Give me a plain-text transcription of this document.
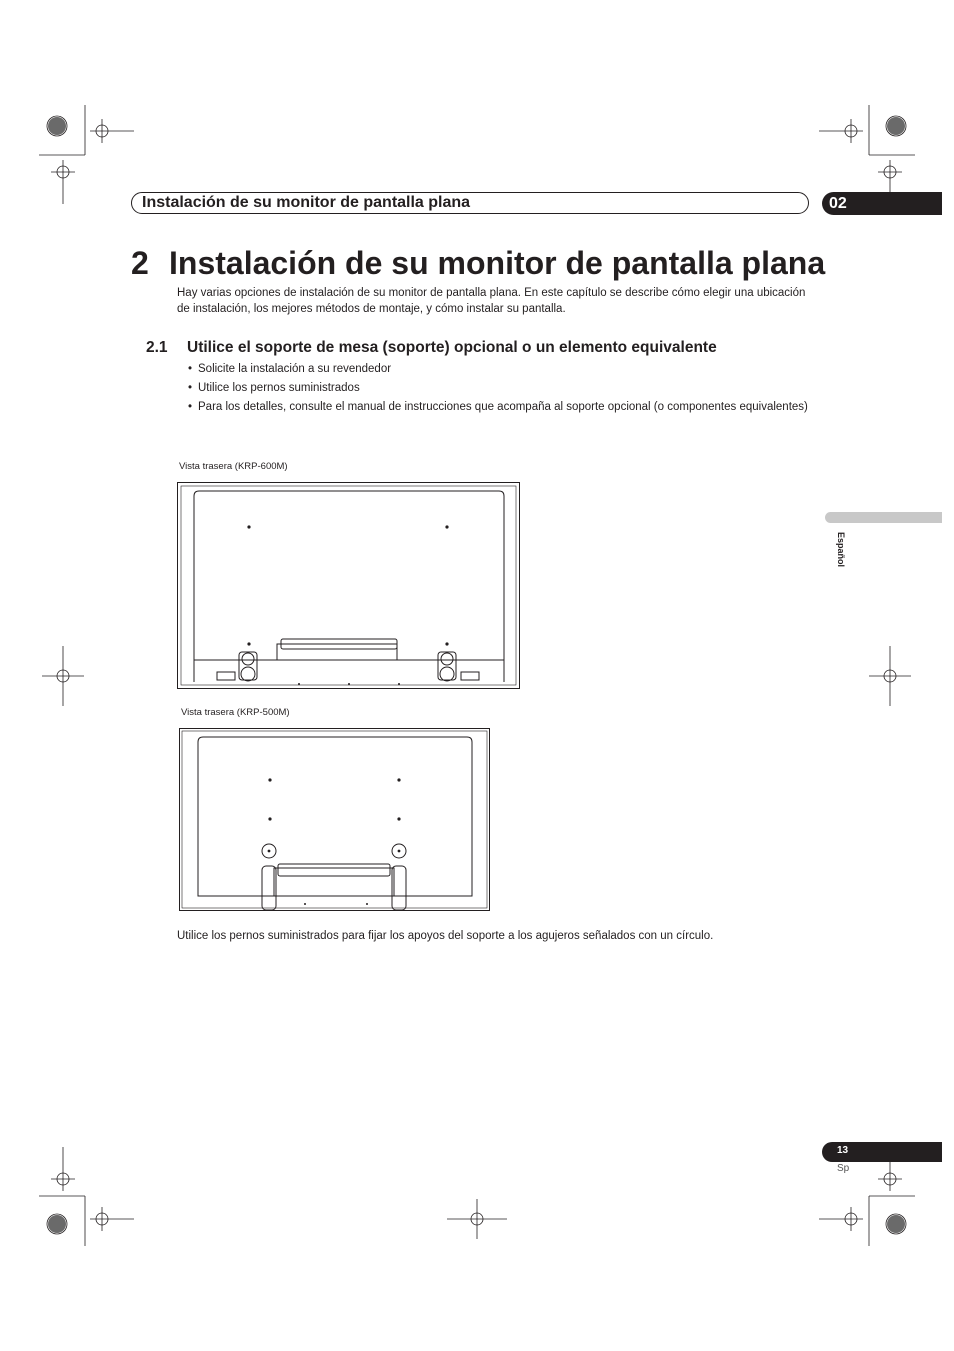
Instalación de su monitor de pantalla plana	02
2 Instalación de su monitor de pantalla plana
Hay varias opciones de instalación de su monitor de pantalla plana. En este capítulo se describe cómo elegir una ubicación de instalación, los mejores métodos de montaje, y cómo instalar su pantalla.
2.1 Utilice el soporte de mesa (soporte) opcional o un elemento equivalente
• Solicite la instalación a su revendedor
• Utilice los pernos suministrados
• Para los detalles, consulte el manual de instrucciones que acompaña al soporte opcional (o componentes equivalentes)
Vista trasera (KRP-600M)
Vista trasera (KRP-500M)
Utilice los pernos suministrados para fijar los apoyos del soporte a los agujeros señalados con un círculo.
Español
13
Sp
